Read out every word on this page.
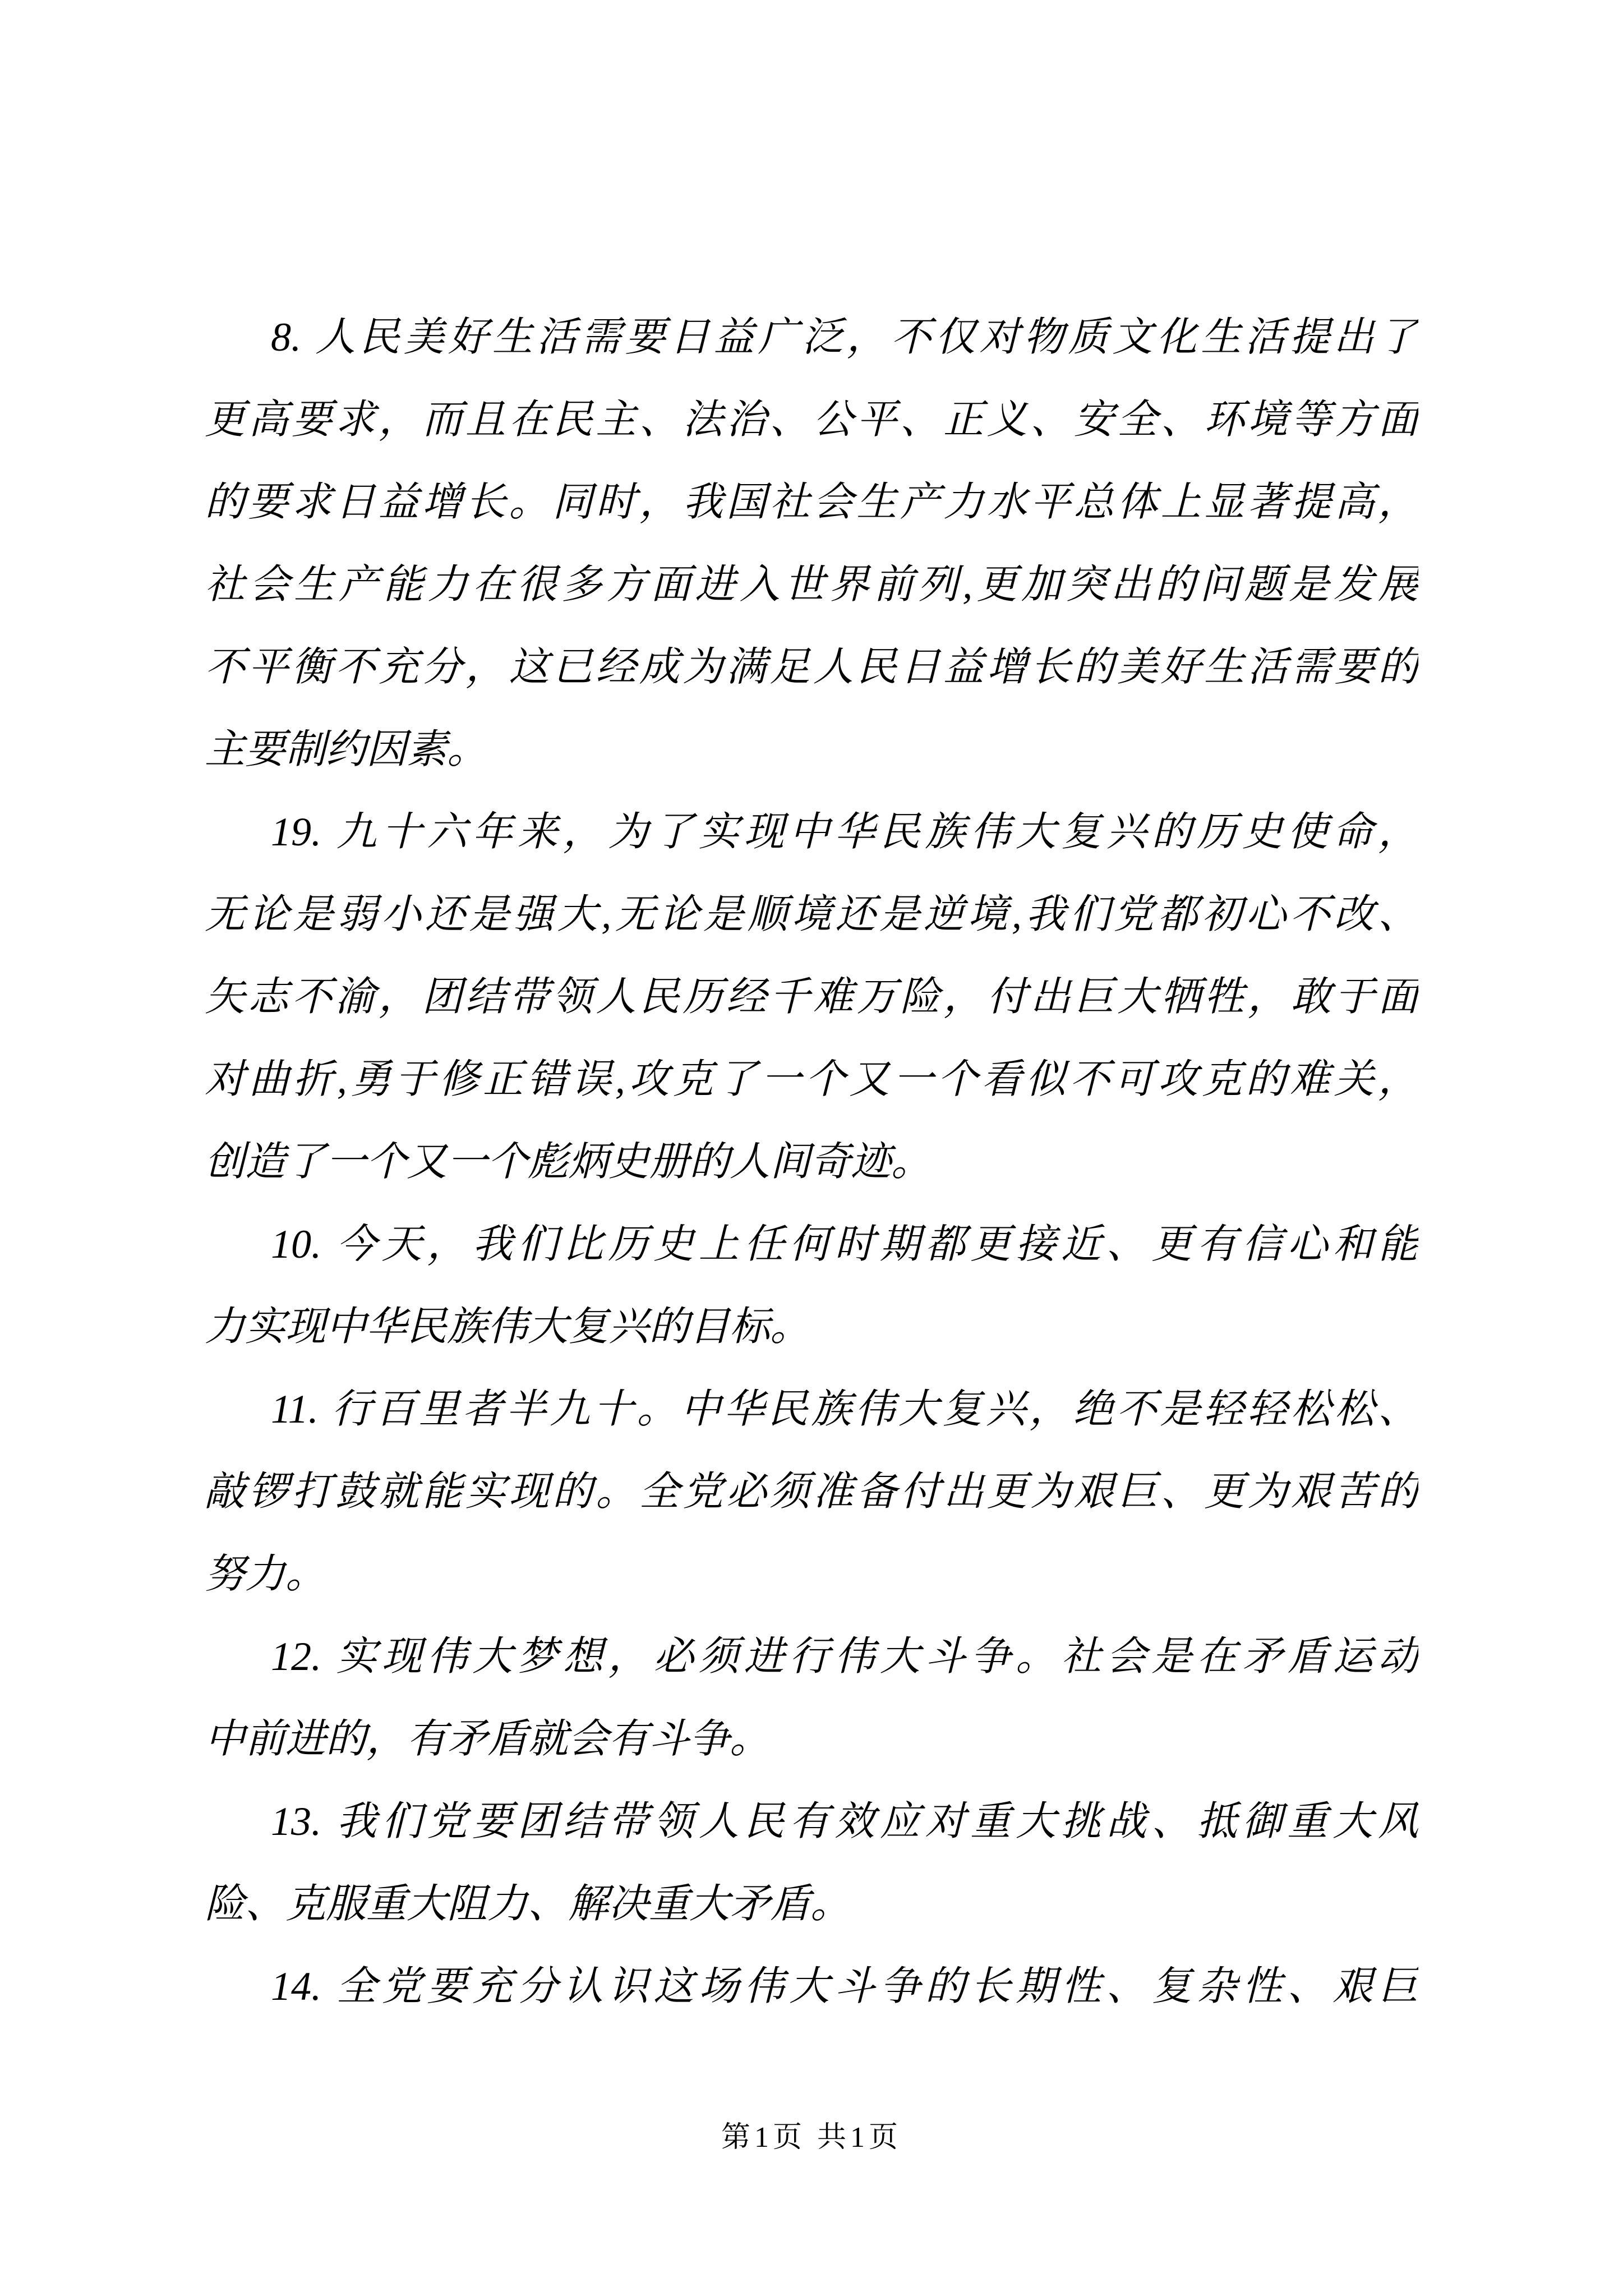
8. 人民美好生活需要日益广泛，不仅对物质文化生活提出了
更高要求，而且在民主、法治、公平、正义、安全、环境等方面
的要求日益增长。同时，我国社会生产力水平总体上显著提高，
社会生产能力在很多方面进入世界前列,更加突出的问题是发展
不平衡不充分，这已经成为满足人民日益增长的美好生活需要的
主要制约因素。
19. 九十六年来，为了实现中华民族伟大复兴的历史使命，
无论是弱小还是强大,无论是顺境还是逆境,我们党都初心不改、
矢志不渝，团结带领人民历经千难万险，付出巨大牺牲，敢于面
对曲折,勇于修正错误,攻克了一个又一个看似不可攻克的难关，
创造了一个又一个彪炳史册的人间奇迹。
10. 今天，我们比历史上任何时期都更接近、更有信心和能
力实现中华民族伟大复兴的目标。
11. 行百里者半九十。中华民族伟大复兴，绝不是轻轻松松、
敲锣打鼓就能实现的。全党必须准备付出更为艰巨、更为艰苦的
努力。
12. 实现伟大梦想，必须进行伟大斗争。社会是在矛盾运动
中前进的，有矛盾就会有斗争。
13. 我们党要团结带领人民有效应对重大挑战、抵御重大风
险、克服重大阻力、解决重大矛盾。
14. 全党要充分认识这场伟大斗争的长期性、复杂性、艰巨
第1页 共1页
